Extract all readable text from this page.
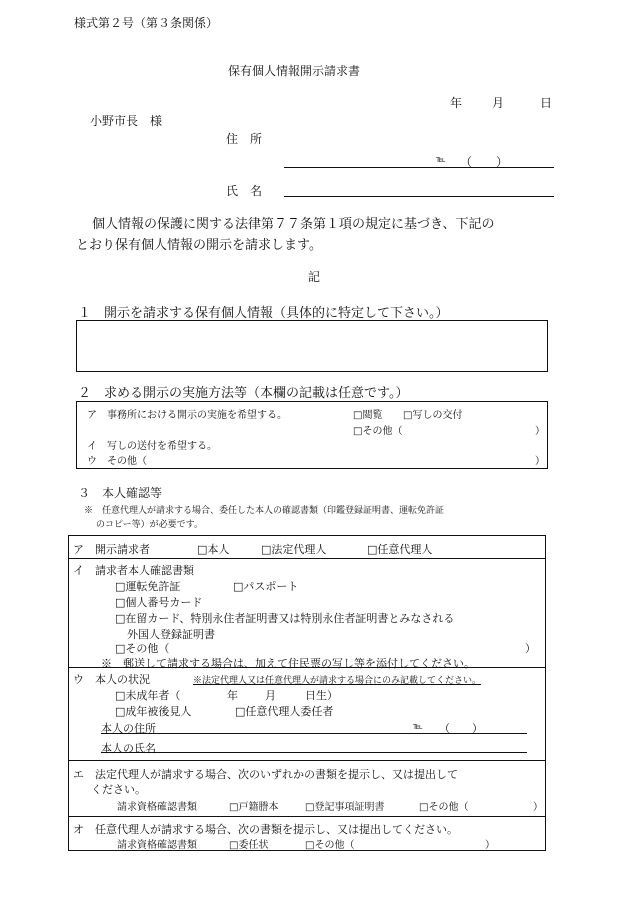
様式第２号（第３条関係）
保有個人情報開示請求書
年 月	日
小野市長　様
住　所
℡ （　　）
氏　名
個人情報の保護に関する法律第７７条第１項の規定に基づき、下記の
とおり保有個人情報の開示を請求します。
記
１　開示を請求する保有個人情報（具体的に特定して下さい。）
２　求める開示の実施方法等（本欄の記載は任意です。）
ア　事務所における開示の実施を希望する。	□閲覧 □写しの交付
□その他（	）
イ　写しの送付を希望する。
ウ　その他（	）
３　本人確認等
※　任意代理人が請求する場合、委任した本人の確認書類（印鑑登録証明書、運転免許証
のコピー等）が必要です。
ア　開示請求者	□本人	□法定代理人	□任意代理人
イ　請求者本人確認書類
□運転免許証	□パスポート
□個人番号カード
□在留カード、特別永住者証明書又は特別永住者証明書とみなされる
外国人登録証明書
□その他（	）
※　郵送して請求する場合は、加えて住民票の写し等を添付してください。
ウ　本人の状況	※法定代理人又は任意代理人が請求する場合にのみ記載してください。
□未成年者（	年 月	日生）
□成年被後見人	□任意代理人委任者
本人の住所	℡ （　　）
本人の氏名
エ　法定代理人が請求する場合、次のいずれかの書類を提示し、又は提出して
ください。
請求資格確認書類	□戸籍謄本	□登記事項証明書	□その他（	）
オ　任意代理人が請求する場合、次の書類を提示し、又は提出してください。
請求資格確認書類	□委任状	□その他（	）
